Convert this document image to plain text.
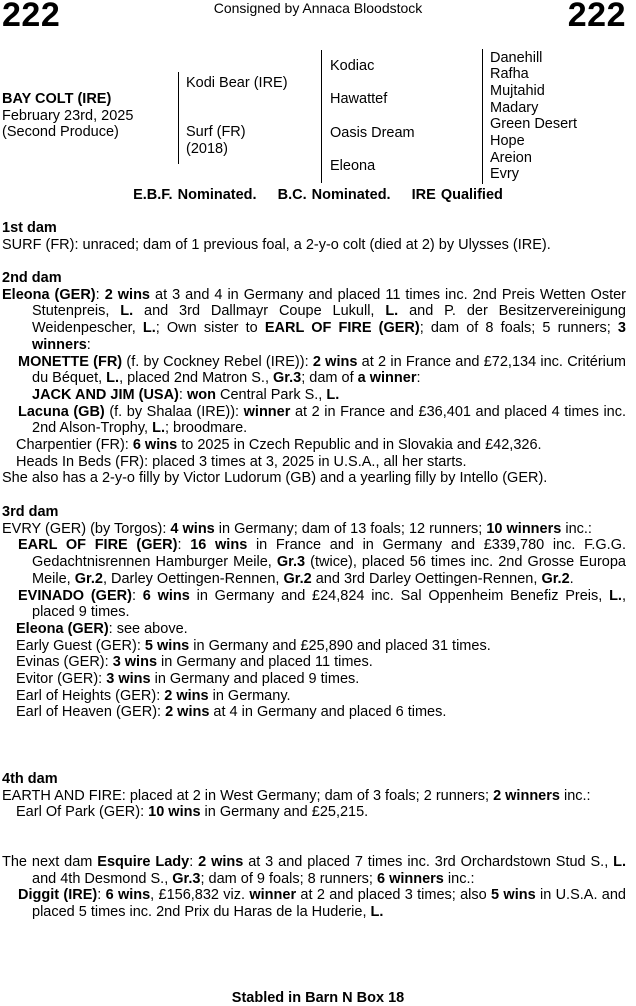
222	Consigned by Annaca Bloodstock	222
BAY COLT (IRE)
February 23rd, 2025
(Second Produce)
Kodi Bear (IRE)
Surf (FR)
(2018)
Kodiac
Hawattef
Oasis Dream
Eleona
Danehill
Rafha
Mujtahid
Madary
Green Desert
Hope
Areion
Evry
E.B.F. Nominated. B.C. Nominated. IRE Qualified
1st dam
SURF (FR): unraced; dam of 1 previous foal, a 2-y-o colt (died at 2) by Ulysses (IRE).
2nd dam
Eleona (GER): 2 wins at 3 and 4 in Germany and placed 11 times inc. 2nd Preis Wetten Oster Stutenpreis, L. and 3rd Dallmayr Coupe Lukull, L. and P. der Besitzervereinigung Weidenpescher, L.; Own sister to EARL OF FIRE (GER); dam of 8 foals; 5 runners; 3 winners:
MONETTE (FR) (f. by Cockney Rebel (IRE)): 2 wins at 2 in France and £72,134 inc. Critérium du Béquet, L., placed 2nd Matron S., Gr.3; dam of a winner:
JACK AND JIM (USA): won Central Park S., L.
Lacuna (GB) (f. by Shalaa (IRE)): winner at 2 in France and £36,401 and placed 4 times inc. 2nd Alson-Trophy, L.; broodmare.
Charpentier (FR): 6 wins to 2025 in Czech Republic and in Slovakia and £42,326.
Heads In Beds (FR): placed 3 times at 3, 2025 in U.S.A., all her starts.
She also has a 2-y-o filly by Victor Ludorum (GB) and a yearling filly by Intello (GER).
3rd dam
EVRY (GER) (by Torgos): 4 wins in Germany; dam of 13 foals; 12 runners; 10 winners inc.:
EARL OF FIRE (GER): 16 wins in France and in Germany and £339,780 inc. F.G.G. Gedachtnisrennen Hamburger Meile, Gr.3 (twice), placed 56 times inc. 2nd Grosse Europa Meile, Gr.2, Darley Oettingen-Rennen, Gr.2 and 3rd Darley Oettingen-Rennen, Gr.2.
EVINADO (GER): 6 wins in Germany and £24,824 inc. Sal Oppenheim Benefiz Preis, L., placed 9 times.
Eleona (GER): see above.
Early Guest (GER): 5 wins in Germany and £25,890 and placed 31 times.
Evinas (GER): 3 wins in Germany and placed 11 times.
Evitor (GER): 3 wins in Germany and placed 9 times.
Earl of Heights (GER): 2 wins in Germany.
Earl of Heaven (GER): 2 wins at 4 in Germany and placed 6 times.
4th dam
EARTH AND FIRE: placed at 2 in West Germany; dam of 3 foals; 2 runners; 2 winners inc.:
Earl Of Park (GER): 10 wins in Germany and £25,215.
The next dam Esquire Lady: 2 wins at 3 and placed 7 times inc. 3rd Orchardstown Stud S., L. and 4th Desmond S., Gr.3; dam of 9 foals; 8 runners; 6 winners inc.:
Diggit (IRE): 6 wins, £156,832 viz. winner at 2 and placed 3 times; also 5 wins in U.S.A. and placed 5 times inc. 2nd Prix du Haras de la Huderie, L.
Stabled in Barn N Box 18
